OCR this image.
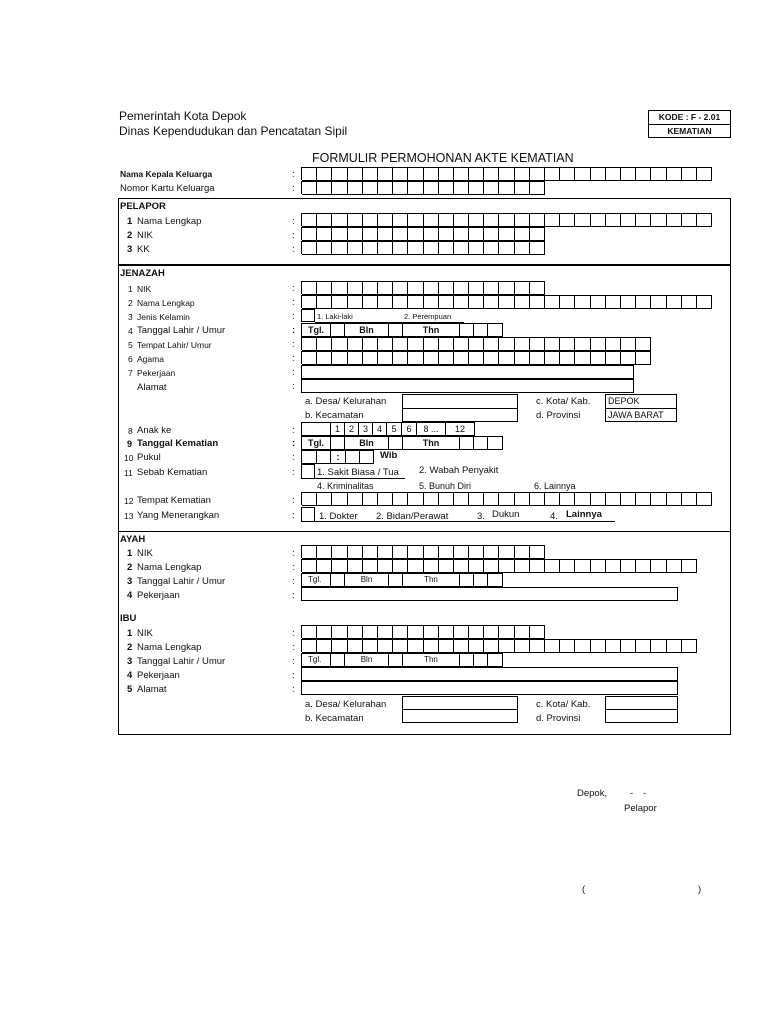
Pemerintah Kota Depok
Dinas Kependudukan dan Pencatatan Sipil
KODE : F - 2.01
KEMATIAN
FORMULIR PERMOHONAN AKTE KEMATIAN
Nama Kepala Keluarga	:
Nomor Kartu Keluarga	:
PELAPOR
1 Nama Lengkap	:
2 NIK	:
3 KK	:
JENAZAH
1 NIK	:
2 Nama Lengkap	:
3 Jenis Kelamin	:	1. Laki-laki	2. Perempuan
4 Tanggal Lahir / Umur	:	Tgl.	Bln	Thn
5 Tempat Lahir/ Umur	:
6 Agama	:
7 Pekerjaan	:
Alamat	:
a. Desa/ Kelurahan	c. Kota/ Kab.	DEPOK
b. Kecamatan	d. Provinsi	JAWA BARAT
8 Anak ke	:	1 2 3 4	5	6	8 ...	12
9 Tanggal Kematian	:	Tgl.	Bln	Thn
10 Pukul	:	:	Wib
11 Sebab Kematian	: 1. Sakit Biasa / Tua 2. Wabah Penyakit
4. Kriminalitas	5. Bunuh Diri	6. Lainnya
12 Tempat Kematian	:
13 Yang Menerangkan	:	1. Dokter 2. Bidan/Perawat	3. Dukun	4. Lainnya
AYAH
1 NIK	:
2 Nama Lengkap	:
3 Tanggal Lahir / Umur	:	Tgl.	Bln	Thn
4 Pekerjaan	:
IBU
1 NIK	:
2 Nama Lengkap	:
3 Tanggal Lahir / Umur	:	Tgl.	Bln	Thn
4 Pekerjaan	:
5 Alamat	:
a. Desa/ Kelurahan	c. Kota/ Kab.
b. Kecamatan	d. Provinsi
Depok, - -
Pelapor
(	)
